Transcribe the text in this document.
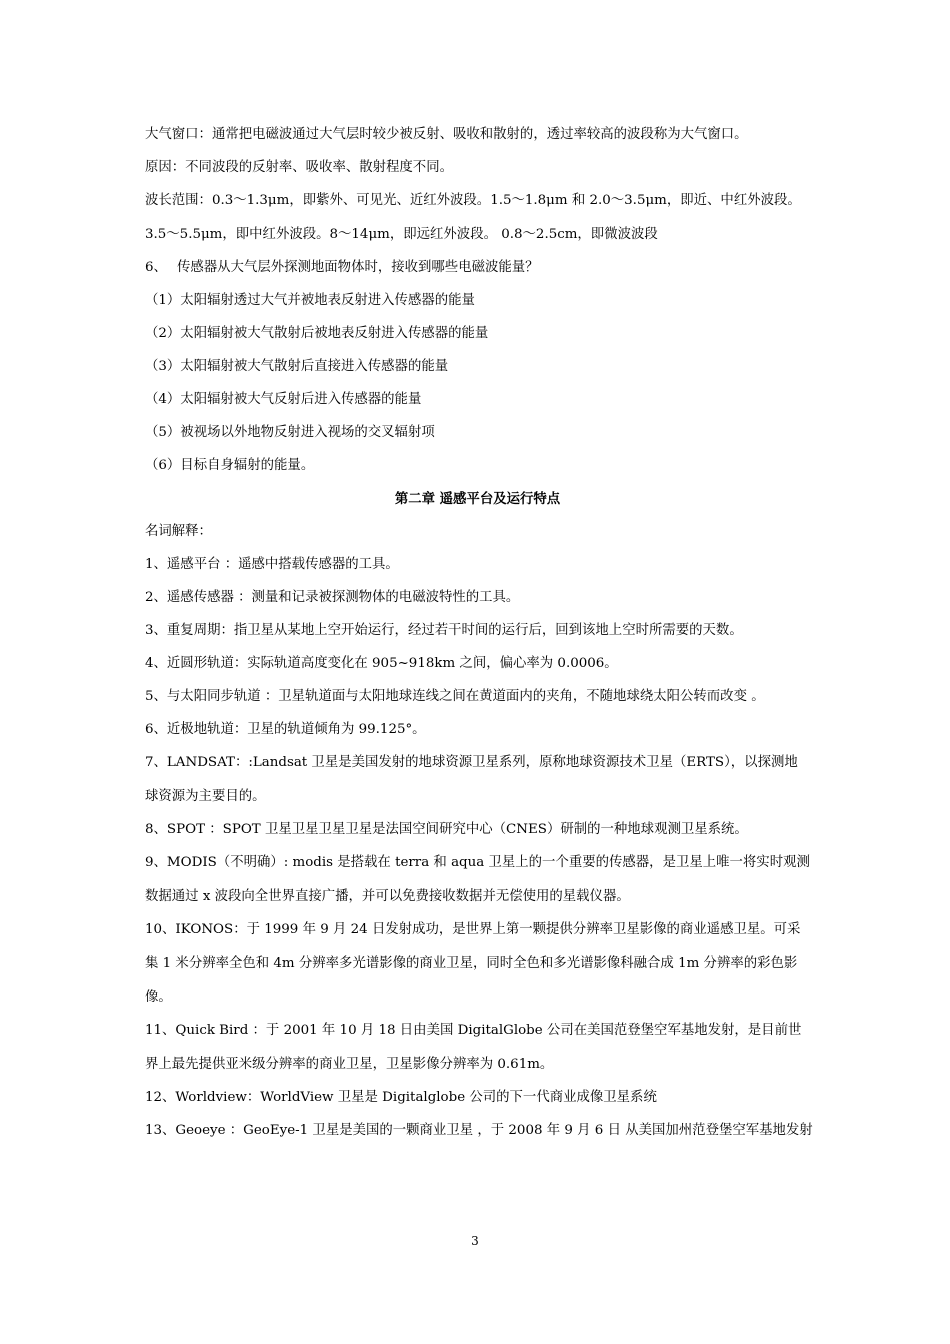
大气窗口：通常把电磁波通过大气层时较少被反射、吸收和散射的，透过率较高的波段称为大气窗口。
原因：不同波段的反射率、吸收率、散射程度不同。
波长范围：0.3～1.3μm，即紫外、可见光、近红外波段。1.5～1.8μm 和 2.0～3.5μm，即近、中红外波段。3.5～5.5μm，即中红外波段。8～14μm，即远红外波段。 0.8～2.5cm，即微波波段
6、 传感器从大气层外探测地面物体时，接收到哪些电磁波能量？
（1）太阳辐射透过大气并被地表反射进入传感器的能量
（2）太阳辐射被大气散射后被地表反射进入传感器的能量
（3）太阳辐射被大气散射后直接进入传感器的能量
（4）太阳辐射被大气反射后进入传感器的能量
（5）被视场以外地物反射进入视场的交叉辐射项
（6）目标自身辐射的能量。
第二章 遥感平台及运行特点
名词解释：
1、遥感平台 ：遥感中搭载传感器的工具。
2、遥感传感器 ：测量和记录被探测物体的电磁波特性的工具。
3、重复周期：指卫星从某地上空开始运行，经过若干时间的运行后，回到该地上空时所需要的天数。
4、近圆形轨道：实际轨道高度变化在 905~918km 之间，偏心率为 0.0006。
5、与太阳同步轨道 ：卫星轨道面与太阳地球连线之间在黄道面内的夹角，不随地球绕太阳公转而改变 。
6、近极地轨道：卫星的轨道倾角为 99.125°。
7、LANDSAT：:Landsat 卫星是美国发射的地球资源卫星系列，原称地球资源技术卫星（ERTS），以探测地球资源为主要目的。
8、SPOT ：SPOT 卫星卫星卫星卫星是法国空间研究中心（CNES）研制的一种地球观测卫星系统。
9、MODIS（不明确）: modis 是搭载在 terra 和 aqua 卫星上的一个重要的传感器，是卫星上唯一将实时观测数据通过 x 波段向全世界直接广播，并可以免费接收数据并无偿使用的星载仪器。
10、IKONOS：于 1999 年 9 月 24 日发射成功，是世界上第一颗提供分辨率卫星影像的商业遥感卫星。可采集 1 米分辨率全色和 4m 分辨率多光谱影像的商业卫星，同时全色和多光谱影像科融合成 1m 分辨率的彩色影像。
11、Quick Bird ：于 2001 年 10 月 18 日由美国 DigitalGlobe 公司在美国范登堡空军基地发射，是目前世界上最先提供亚米级分辨率的商业卫星，卫星影像分辨率为 0.61m。
12、Worldview：WorldView 卫星是 Digitalglobe 公司的下一代商业成像卫星系统
13、Geoeye ：GeoEye-1 卫星是美国的一颗商业卫星 ，于 2008 年 9 月 6 日 从美国加州范登堡空军基地发射
3
